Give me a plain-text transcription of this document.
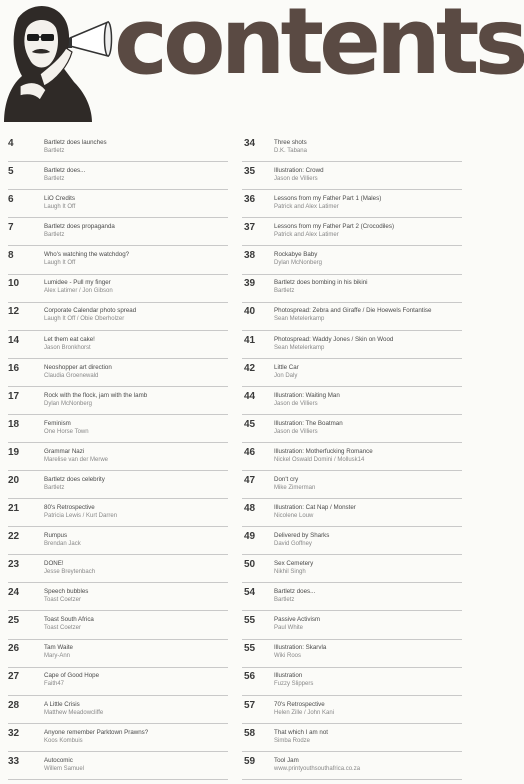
contents
4	Bartletz does launches
Bartletz
5	Bartletz does...
Bartletz
6	LiO Credits
Laugh It Off
7	Bartletz does propaganda
Bartletz
8	Who's watching the watchdog?
Laugh It Off
10	Lumidee - Pull my finger
Alex Latimer / Jon Gibson
12	Corporate Calendar photo spread
Laugh It Off / Obie Oberholzer
14	Let them eat cake!
Jason Bronkhorst
16	Neoshopper art direction
Claudia Groenewald
17	Rock with the flock, jam with the lamb
Dylan McNonberg
18	Feminism
One Horse Town
19	Grammar Nazi
Marelise van der Merwe
20	Bartletz does celebrity
Bartletz
21	80's Retrospective
Patricia Lewis / Kurt Darren
22	Rumpus
Brendan Jack
23	DONE!
Jesse Breytenbach
24	Speech bubbles
Toast Coetzer
25	Toast South Africa
Toast Coetzer
26	Tam Waite
Mary-Ann
27	Cape of Good Hope
Faith47
28	A Little Crisis
Matthew Meadowcliffe
32	Anyone remember Parktown Prawns?
Koos Kombuis
33	Autocomic
Willem Samuel
34	Three shots
D.K. Tabana
35	Illustration: Crowd
Jason de Villiers
36	Lessons from my Father Part 1 (Males)
Patrick and Alex Latimer
37	Lessons from my Father Part 2 (Crocodiles)
Patrick and Alex Latimer
38	Rockabye Baby
Dylan McNonberg
39	Bartletz does bombing in his bikini
Bartletz
40	Photospread: Zebra and Giraffe / Die Hoewels Fontantise
Sean Metelerkamp
41	Photospread: Waddy Jones / Skin on Wood
Sean Metelerkamp
42	Little Car
Jon Daly
44	Illustration: Waiting Man
Jason de Villiers
45	Illustration: The Boatman
Jason de Villiers
46	Illustration: Motherfucking Romance
Nickel Oswald Domini / Mollusk14
47	Don't cry
Mike Zimerman
48	Illustration: Cat Nap / Monster
Nicolene Louw
49	Delivered by Sharks
David Goffney
50	Sex Cemetery
Nikhil Singh
54	Bartletz does...
Bartletz
55	Passive Activism
Paul White
55	Illustration: Skarvla
Wiki Roos
56	Illustration
Fuzzy Slippers
57	70's Retrospective
Helen Zille / John Kani
58	That which I am not
Simba Rodze
59	Tool Jam
www.printyouthsouthafrica.co.za
